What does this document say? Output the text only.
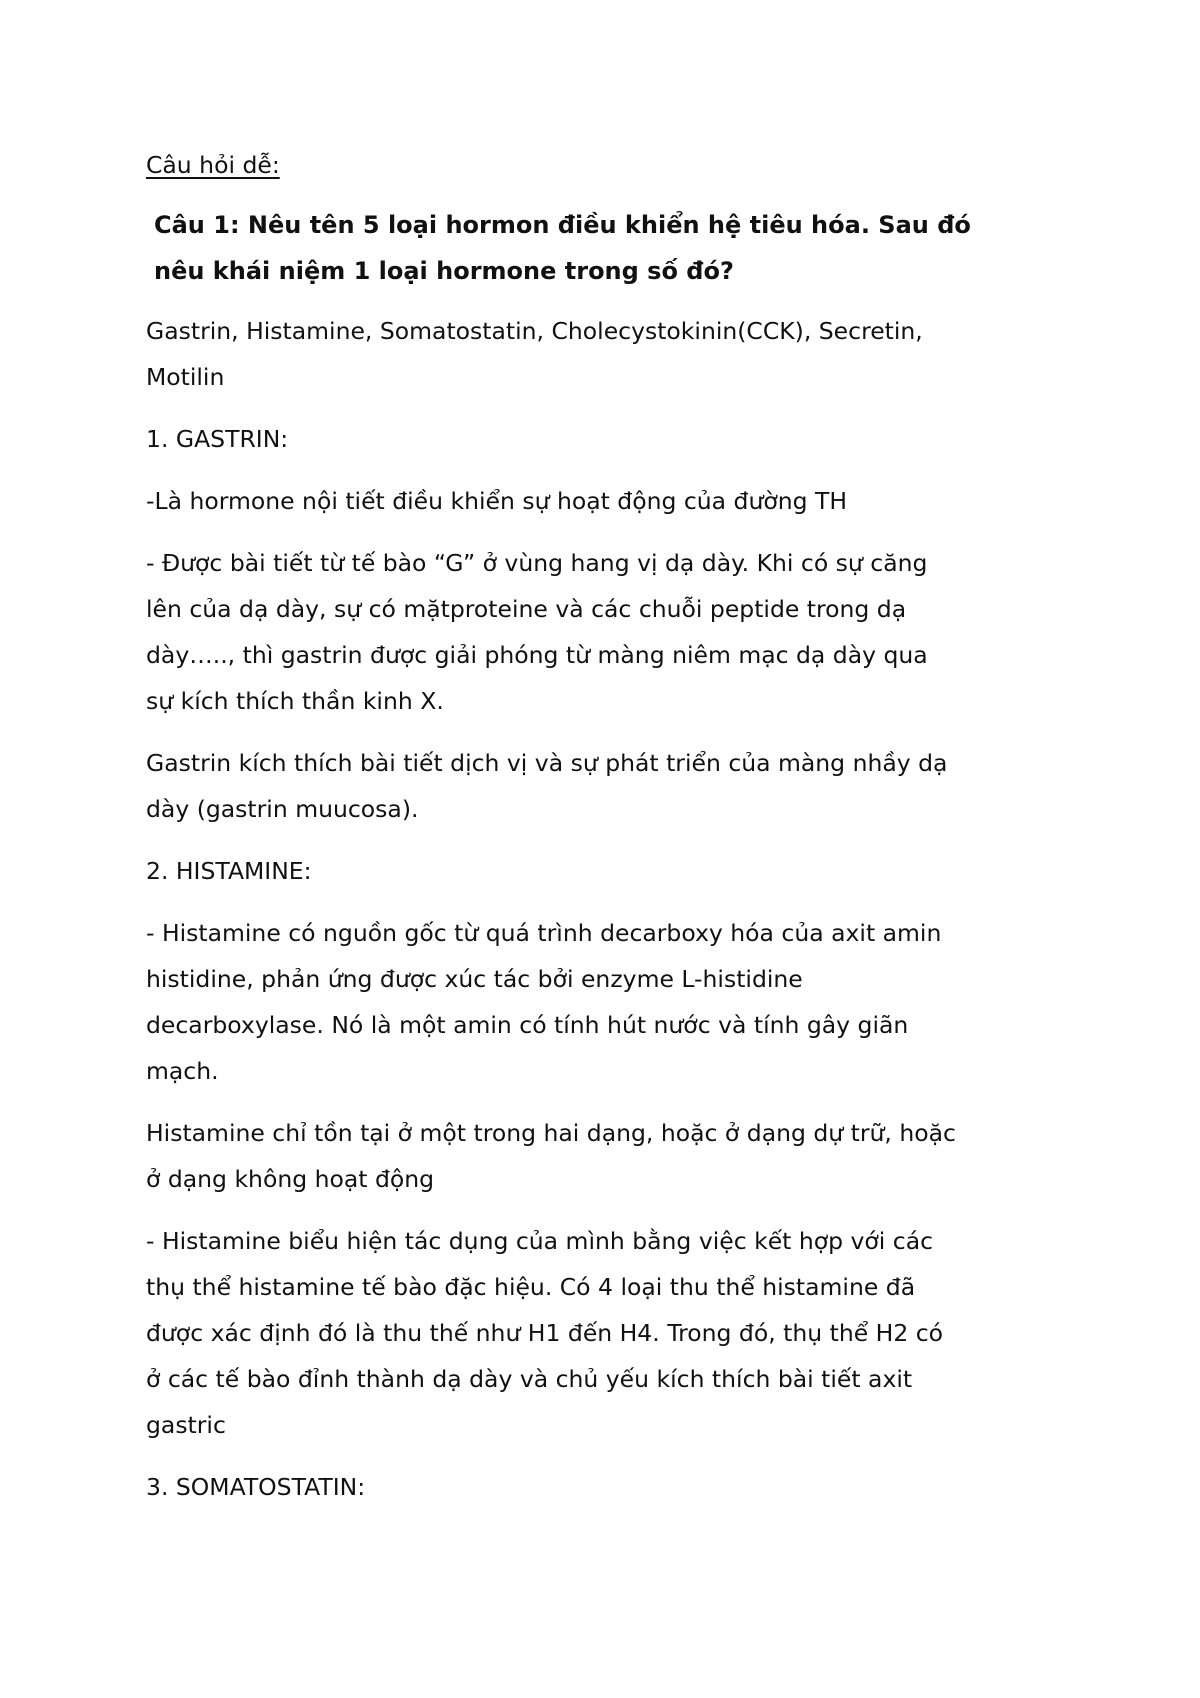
Câu hỏi dễ:

Câu 1: Nêu tên 5 loại hormon điều khiển hệ tiêu hóa. Sau đó
nêu khái niệm 1 loại hormone trong số đó?
Gastrin, Histamine, Somatostatin, Cholecystokinin(CCK), Secretin,
Motilin
1. GASTRIN:
-Là hormone nội tiết điều khiển sự hoạt động của đường TH
- Được bài tiết từ tế bào “G” ở vùng hang vị dạ dày. Khi có sự căng
lên của dạ dày, sự có mặtproteine và các chuỗi peptide trong dạ
dày….., thì gastrin được giải phóng từ màng niêm mạc dạ dày qua
sự kích thích thần kinh X.
Gastrin kích thích bài tiết dịch vị và sự phát triển của màng nhầy dạ
dày (gastrin muucosa).
2. HISTAMINE:
- Histamine có nguồn gốc từ quá trình decarboxy hóa của axit amin
histidine, phản ứng được xúc tác bởi enzyme L-histidine
decarboxylase. Nó là một amin có tính hút nước và tính gây giãn
mạch.
Histamine chỉ tồn tại ở một trong hai dạng, hoặc ở dạng dự trữ, hoặc
ở dạng không hoạt động
- Histamine biểu hiện tác dụng của mình bằng việc kết hợp với các
thụ thể histamine tế bào đặc hiệu. Có 4 loại thu thể histamine đã
được xác định đó là thu thế như H1 đến H4. Trong đó, thụ thể H2 có
ở các tế bào đỉnh thành dạ dày và chủ yếu kích thích bài tiết axit
gastric
3. SOMATOSTATIN:
